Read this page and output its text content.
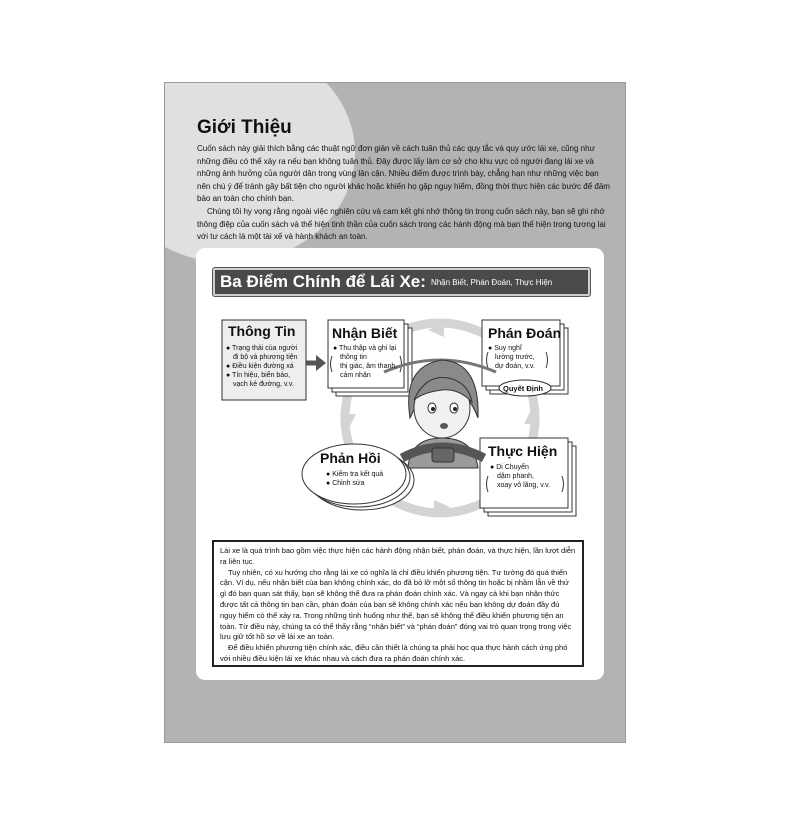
Giới Thiệu

Cuốn sách này giải thích bằng các thuật ngữ đơn giản về cách tuân thủ các quy tắc và quy ước lái xe, cũng như những điều có thể xảy ra nếu bạn không tuân thủ. Đây được lấy làm cơ sở cho khu vực có người đang lái xe và những ảnh hưởng của người dân trong vùng lân cận. Nhiều điểm được trình bày, chẳng hạn như những việc bạn nên chú ý để tránh gây bất tiện cho người khác hoặc khiến họ gặp nguy hiểm, đồng thời thực hiện các bước để đảm bảo an toàn cho chính bạn.

Chúng tôi hy vọng rằng ngoài việc nghiên cứu và cam kết ghi nhớ thông tin trong cuốn sách này, bạn sẽ ghi nhớ thông điệp của cuốn sách và thể hiện tinh thần của cuốn sách trong các hành động mà bạn thể hiện trong tương lai với tư cách là một tài xế và hành khách an toàn.

Ba Điểm Chính để Lái Xe: Nhận Biết, Phán Đoán, Thực Hiện
Thông Tin
● Trạng thái của người
đi bộ và phương tiện
● Điều kiện đường xá
● Tín hiệu, biển báo,
vạch kẻ đường, v.v.
Nhận Biết
● Thu thập và ghi lại
thông tin
thị giác, âm thanh,
cảm nhận
Phán Đoán
● Suy nghĩ
lường trước,
dự đoán, v.v.
Quyết Định
Thực Hiện
● Di Chuyển
dậm phanh,
xoay vô lăng, v.v.
Phản Hồi
● Kiểm tra kết quả
● Chỉnh sửa

Lái xe là quá trình bao gồm việc thực hiện các hành động nhận biết, phán đoán, và thực hiện, lần lượt diễn ra liên tục.

Tuy nhiên, có xu hướng cho rằng lái xe có nghĩa là chỉ điều khiển phương tiện. Tư tưởng đó quá thiển cận. Ví dụ, nếu nhận biết của bạn không chính xác, do đã bỏ lỡ một số thông tin hoặc bị nhầm lẫn về thứ gì đó bạn quan sát thấy, bạn sẽ không thể đưa ra phán đoán chính xác. Và ngay cả khi bạn nhận thức được tất cả thông tin bạn cần, phán đoán của bạn sẽ không chính xác nếu bạn không dự đoán đầy đủ nguy hiểm có thể xảy ra. Trong những tình huống như thế, bạn sẽ không thể điều khiển phương tiện an toàn. Từ điều này, chúng ta có thể thấy rằng “nhận biết” và “phán đoán” đóng vai trò quan trọng trong việc lưu giữ tốt hồ sơ về lái xe an toàn.

Để điều khiển phương tiện chính xác, điều cần thiết là chúng ta phải học qua thực hành cách ứng phó với nhiều điều kiện lái xe khác nhau và cách đưa ra phán đoán chính xác.
